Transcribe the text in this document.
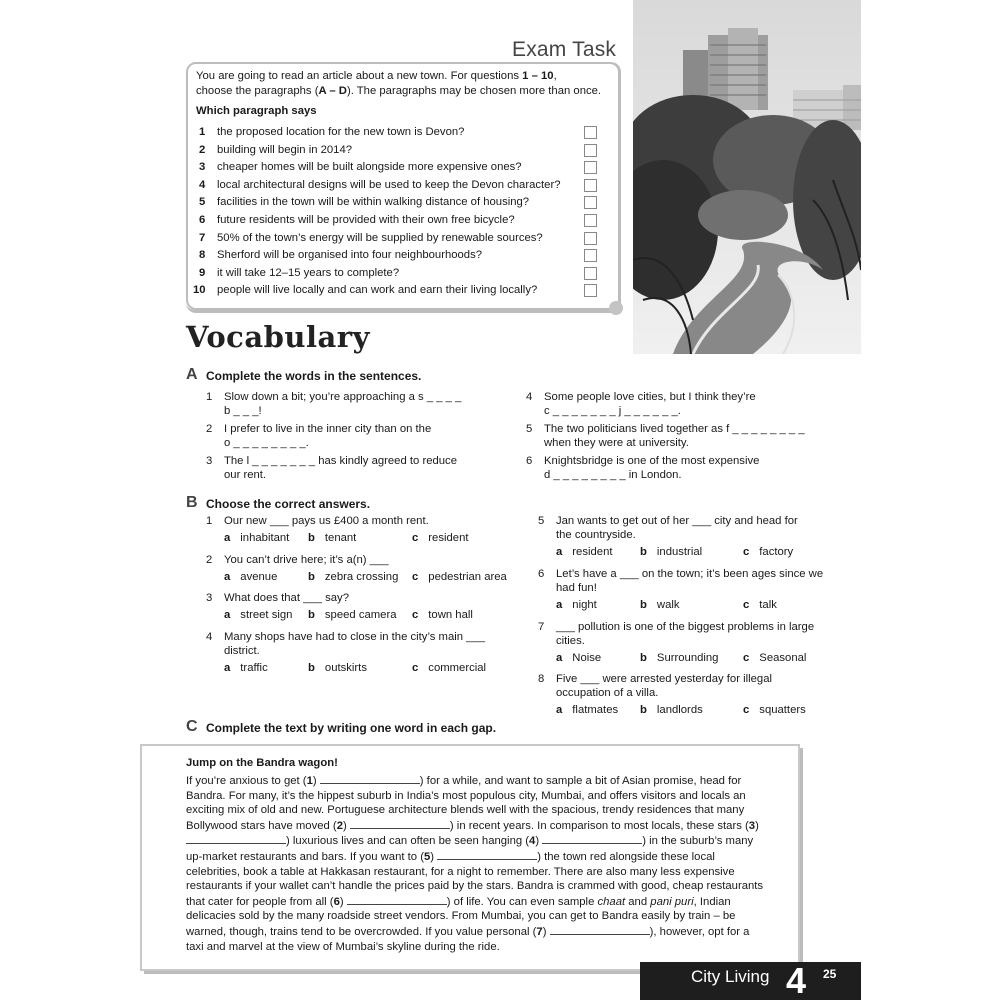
Exam Task
You are going to read an article about a new town. For questions 1 – 10,
choose the paragraphs (A – D). The paragraphs may be chosen more than once.
Which paragraph says
1 the proposed location for the new town is Devon?
2 building will begin in 2014?
3 cheaper homes will be built alongside more expensive ones?
4 local architectural designs will be used to keep the Devon character?
5 facilities in the town will be within walking distance of housing?
6 future residents will be provided with their own free bicycle?
7 50% of the town’s energy will be supplied by renewable sources?
8 Sherford will be organised into four neighbourhoods?
9 it will take 12–15 years to complete?
10 people will live locally and can work and earn their living locally?
Vocabulary
A Complete the words in the sentences.
1 Slow down a bit; you’re approaching a s _ _ _ _
b _ _ _!
2 I prefer to live in the inner city than on the
o _ _ _ _ _ _ _ _.
3 The l _ _ _ _ _ _ _ has kindly agreed to reduce
our rent.
4 Some people love cities, but I think they’re
c _ _ _ _ _ _ _ j _ _ _ _ _ _.
5 The two politicians lived together as f _ _ _ _ _ _ _ _
when they were at university.
6 Knightsbridge is one of the most expensive
d _ _ _ _ _ _ _ _ in London.
B Choose the correct answers.
1 Our new ___ pays us £400 a month rent.
a inhabitant b tenant	c resident
2 You can’t drive here; it’s a(n) ___
a avenue	b zebra crossing c pedestrian area
3 What does that ___ say?
a street sign b speed camera c town hall
4 Many shops have had to close in the city’s main ___
district.
a traffic	b outskirts	c commercial
5 Jan wants to get out of her ___ city and head for
the countryside.
a resident b industrial	c factory
6 Let’s have a ___ on the town; it’s been ages since we
had fun!
a night	b walk	c talk
7 ___ pollution is one of the biggest problems in large
cities.
a Noise	b Surrounding c Seasonal
8 Five ___ were arrested yesterday for illegal
occupation of a villa.
a flatmates b landlords	c squatters
C Complete the text by writing one word in each gap.
Jump on the Bandra wagon!
If you’re anxious to get (1)	) for a while, and want to sample a bit of Asian promise, head for Bandra. For many, it’s the hippest suburb in India’s most populous city, Mumbai, and offers visitors and locals an exciting mix of old and new. Portuguese architecture blends well with the spacious, trendy residences that many Bollywood stars have moved (2)	) in recent years. In comparison to most locals, these stars (3) ) luxurious lives and can often be seen hanging (4)	) in the suburb’s many up-market restaurants and bars. If you want to (5)	) the town red alongside these local celebrities, book a table at Hakkasan restaurant, for a night to remember. There are also many less expensive restaurants if your wallet can’t handle the prices paid by the stars. Bandra is crammed with good, cheap restaurants that cater for people from all (6)	) of life. You can even sample chaat and pani puri, Indian delicacies sold by the many roadside street vendors. From Mumbai, you can get to Bandra easily by train – be warned, though, trains tend to be overcrowded. If you value personal (7)	), however, opt for a taxi and marvel at the view of Mumbai’s skyline during the ride.
City Living 4 25
